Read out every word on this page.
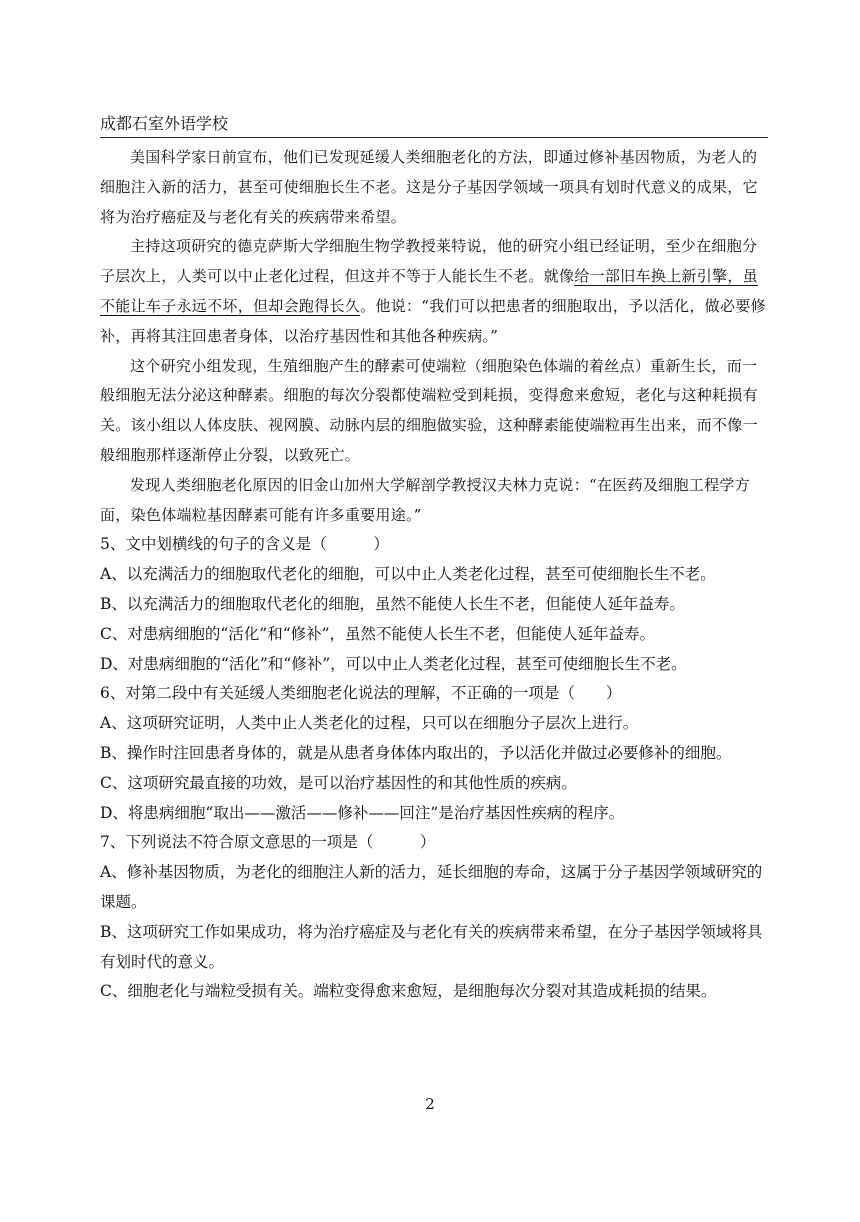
成都石室外语学校

美国科学家日前宣布，他们已发现延缓人类细胞老化的方法，即通过修补基因物质，为老人的细胞注入新的活力，甚至可使细胞长生不老。这是分子基因学领域一项具有划时代意义的成果，它将为治疗癌症及与老化有关的疾病带来希望。

主持这项研究的德克萨斯大学细胞生物学教授莱特说，他的研究小组已经证明，至少在细胞分子层次上，人类可以中止老化过程，但这并不等于人能长生不老。就像给一部旧车换上新引擎，虽不能让车子永远不坏，但却会跑得长久。他说：“我们可以把患者的细胞取出，予以活化，做必要修补，再将其注回患者身体，以治疗基因性和其他各种疾病。”

这个研究小组发现，生殖细胞产生的酵素可使端粒（细胞染色体端的着丝点）重新生长，而一般细胞无法分泌这种酵素。细胞的每次分裂都使端粒受到耗损，变得愈来愈短，老化与这种耗损有关。该小组以人体皮肤、视网膜、动脉内层的细胞做实验，这种酵素能使端粒再生出来，而不像一般细胞那样逐渐停止分裂，以致死亡。

发现人类细胞老化原因的旧金山加州大学解剖学教授汉夫林力克说：“在医药及细胞工程学方面，染色体端粒基因酵素可能有许多重要用途。”

5、文中划横线的句子的含义是（　　　）

A、以充满活力的细胞取代老化的细胞，可以中止人类老化过程，甚至可使细胞长生不老。

B、以充满活力的细胞取代老化的细胞，虽然不能使人长生不老，但能使人延年益寿。

C、对患病细胞的“活化”和“修补”，虽然不能使人长生不老，但能使人延年益寿。

D、对患病细胞的“活化”和“修补”，可以中止人类老化过程，甚至可使细胞长生不老。

6、对第二段中有关延缓人类细胞老化说法的理解，不正确的一项是（　　）

A、这项研究证明，人类中止人类老化的过程，只可以在细胞分子层次上进行。

B、操作时注回患者身体的，就是从患者身体体内取出的，予以活化并做过必要修补的细胞。

C、这项研究最直接的功效，是可以治疗基因性的和其他性质的疾病。

D、将患病细胞“取出——激活——修补——回注”是治疗基因性疾病的程序。

7、下列说法不符合原文意思的一项是（　　　）

A、修补基因物质，为老化的细胞注人新的活力，延长细胞的寿命，这属于分子基因学领域研究的课题。

B、这项研究工作如果成功，将为治疗癌症及与老化有关的疾病带来希望，在分子基因学领域将具有划时代的意义。

C、细胞老化与端粒受损有关。端粒变得愈来愈短，是细胞每次分裂对其造成耗损的结果。

2
